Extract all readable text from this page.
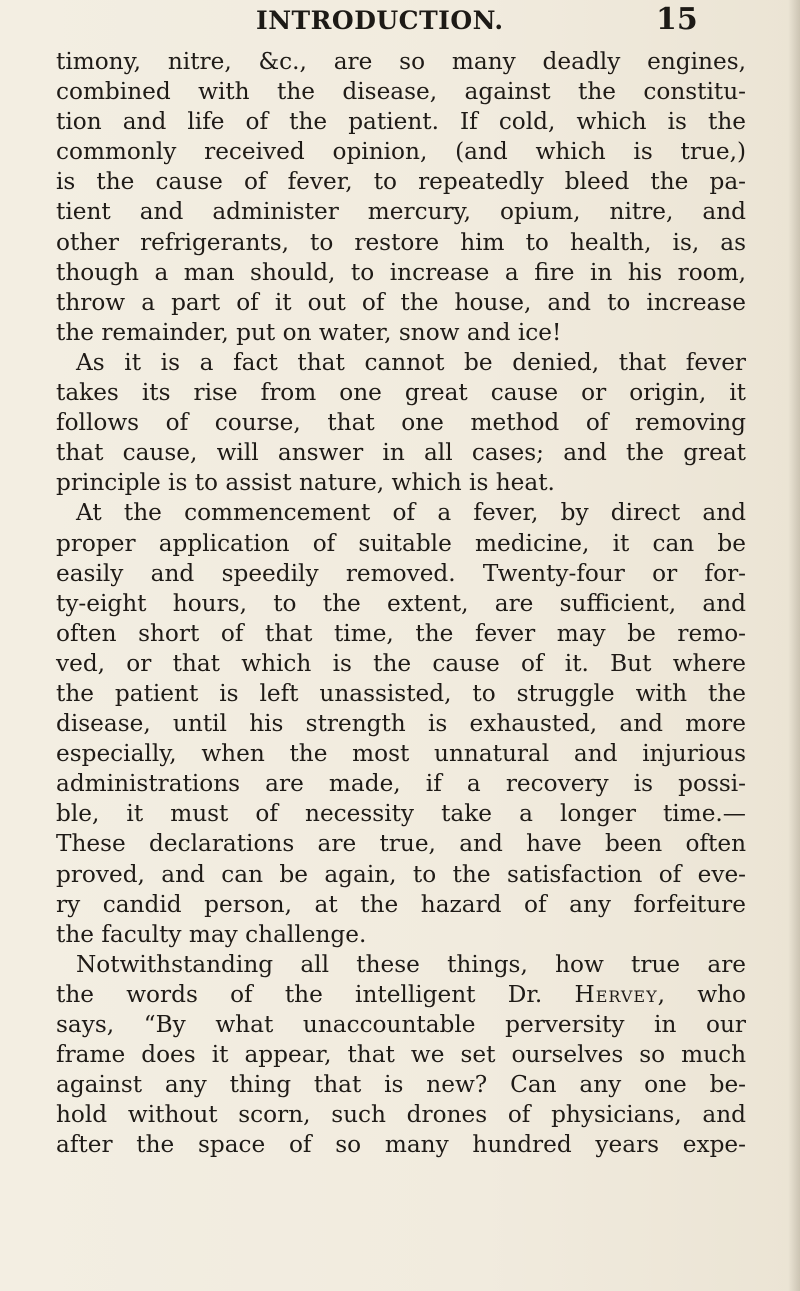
INTRODUCTION.	15
timony, nitre, &c., are so many deadly engines,
combined with the disease, against the constitu-
tion and life of the patient. If cold, which is the
commonly received opinion, (and which is true,)
is the cause of fever, to repeatedly bleed the pa-
tient and administer mercury, opium, nitre, and
other refrigerants, to restore him to health, is, as
though a man should, to increase a fire in his room,
throw a part of it out of the house, and to increase
the remainder, put on water, snow and ice!
As it is a fact that cannot be denied, that fever
takes its rise from one great cause or origin, it
follows of course, that one method of removing
that cause, will answer in all cases; and the great
principle is to assist nature, which is heat.
At the commencement of a fever, by direct and
proper application of suitable medicine, it can be
easily and speedily removed. Twenty-four or for-
ty-eight hours, to the extent, are sufficient, and
often short of that time, the fever may be remo-
ved, or that which is the cause of it. But where
the patient is left unassisted, to struggle with the
disease, until his strength is exhausted, and more
especially, when the most unnatural and injurious
administrations are made, if a recovery is possi-
ble, it must of necessity take a longer time.—
These declarations are true, and have been often
proved, and can be again, to the satisfaction of eve-
ry candid person, at the hazard of any forfeiture
the faculty may challenge.
Notwithstanding all these things, how true are
the words of the intelligent Dr. Hervey, who
says, “By what unaccountable perversity in our
frame does it appear, that we set ourselves so much
against any thing that is new? Can any one be-
hold without scorn, such drones of physicians, and
after the space of so many hundred years expe-
